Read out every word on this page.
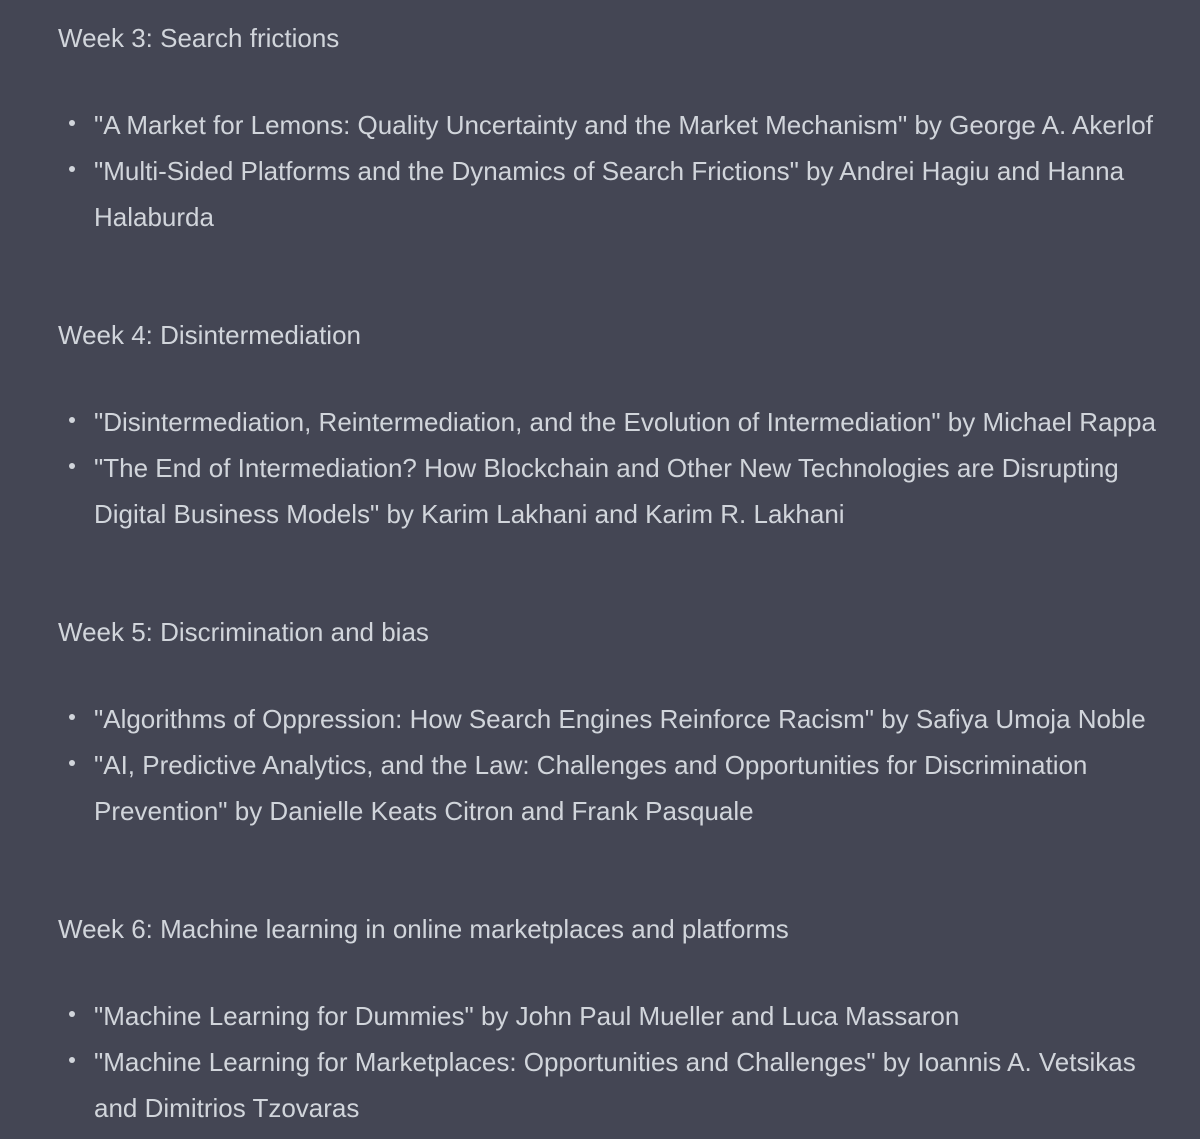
Week 3: Search frictions
"A Market for Lemons: Quality Uncertainty and the Market Mechanism" by George A. Akerlof
"Multi-Sided Platforms and the Dynamics of Search Frictions" by Andrei Hagiu and Hanna Halaburda
Week 4: Disintermediation
"Disintermediation, Reintermediation, and the Evolution of Intermediation" by Michael Rappa
"The End of Intermediation? How Blockchain and Other New Technologies are Disrupting Digital Business Models" by Karim Lakhani and Karim R. Lakhani
Week 5: Discrimination and bias
"Algorithms of Oppression: How Search Engines Reinforce Racism" by Safiya Umoja Noble
"AI, Predictive Analytics, and the Law: Challenges and Opportunities for Discrimination Prevention" by Danielle Keats Citron and Frank Pasquale
Week 6: Machine learning in online marketplaces and platforms
"Machine Learning for Dummies" by John Paul Mueller and Luca Massaron
"Machine Learning for Marketplaces: Opportunities and Challenges" by Ioannis A. Vetsikas and Dimitrios Tzovaras
